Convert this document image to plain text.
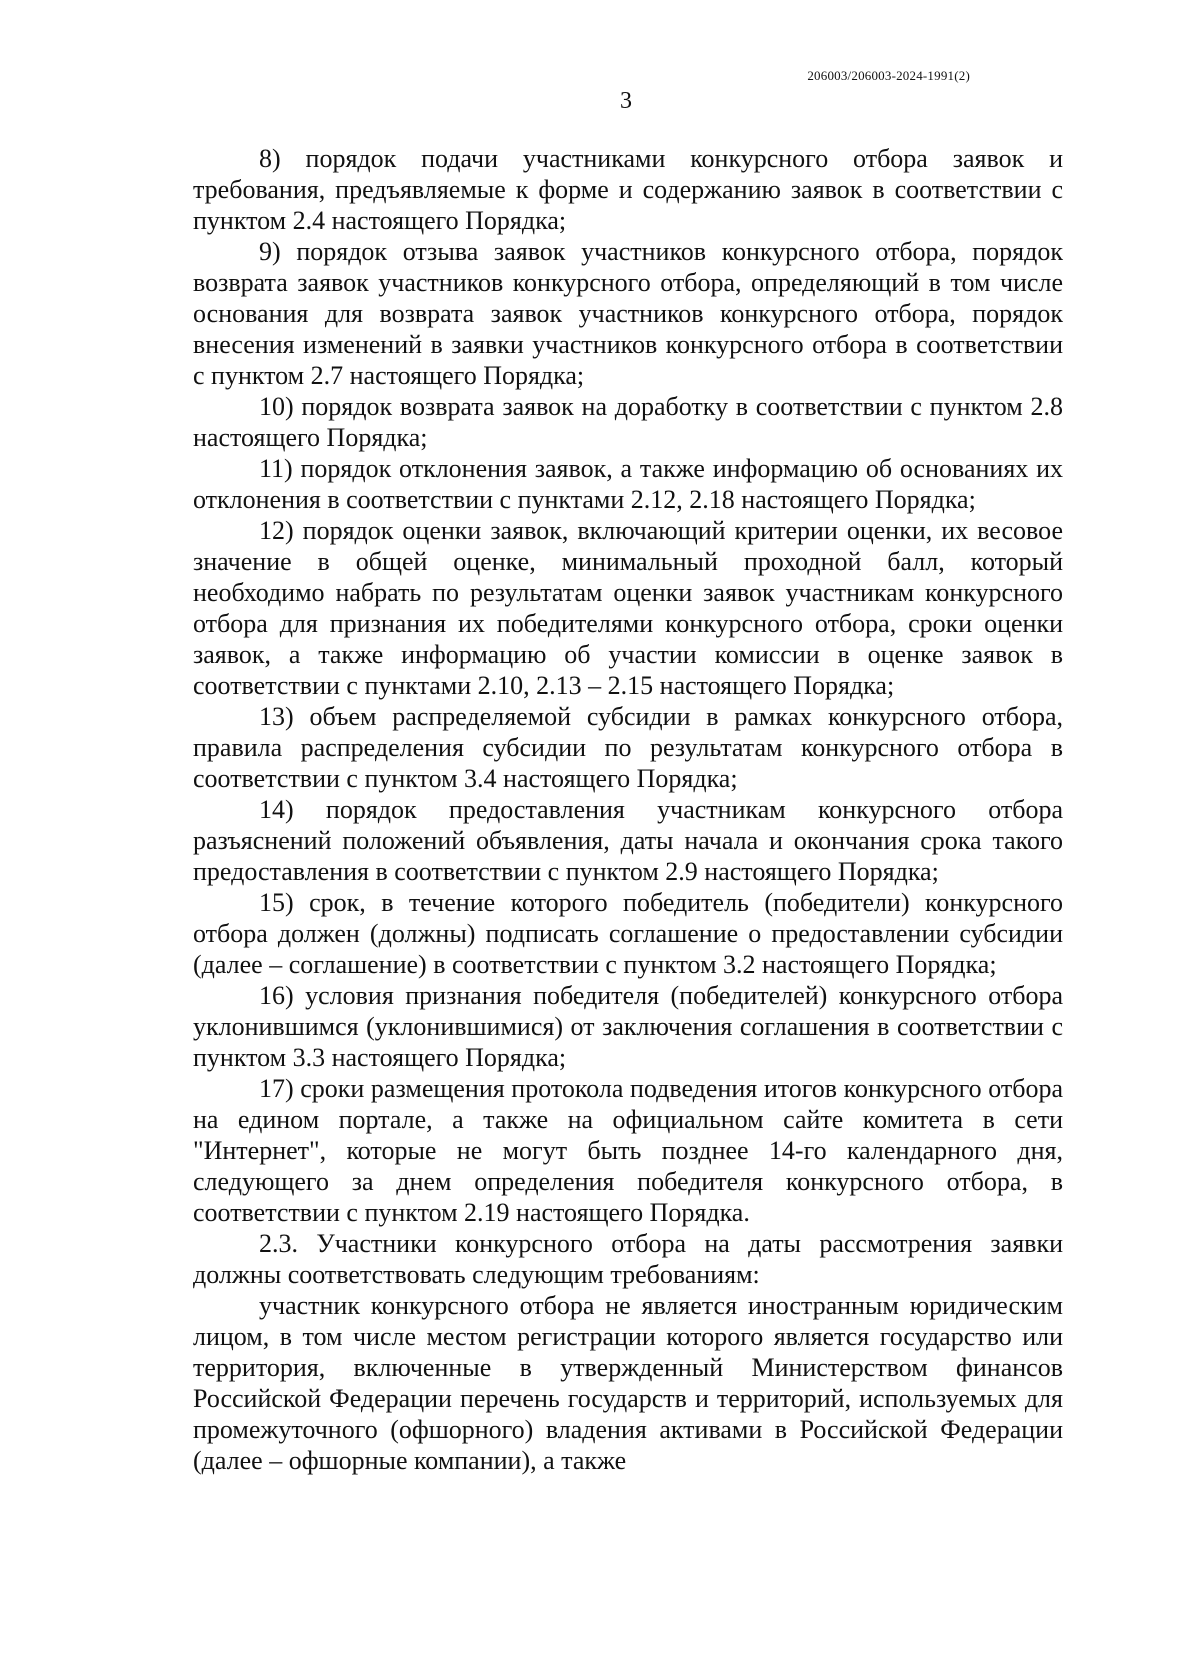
206003/206003-2024-1991(2)
3

8) порядок подачи участниками конкурсного отбора заявок и требования, предъявляемые к форме и содержанию заявок в соответствии с пунктом 2.4 настоящего Порядка;

9) порядок отзыва заявок участников конкурсного отбора, порядок возврата заявок участников конкурсного отбора, определяющий в том числе основания для возврата заявок участников конкурсного отбора, порядок внесения изменений в заявки участников конкурсного отбора в соответствии с пунктом 2.7 настоящего Порядка;

10) порядок возврата заявок на доработку в соответствии с пунктом 2.8 настоящего Порядка;

11) порядок отклонения заявок, а также информацию об основаниях их отклонения в соответствии с пунктами 2.12, 2.18 настоящего Порядка;

12) порядок оценки заявок, включающий критерии оценки, их весовое значение в общей оценке, минимальный проходной балл, который необходимо набрать по результатам оценки заявок участникам конкурсного отбора для признания их победителями конкурсного отбора, сроки оценки заявок, а также информацию об участии комиссии в оценке заявок в соответствии с пунктами 2.10, 2.13 – 2.15 настоящего Порядка;

13) объем распределяемой субсидии в рамках конкурсного отбора, правила распределения субсидии по результатам конкурсного отбора в соответствии с пунктом 3.4 настоящего Порядка;

14) порядок предоставления участникам конкурсного отбора разъяснений положений объявления, даты начала и окончания срока такого предоставления в соответствии с пунктом 2.9 настоящего Порядка;

15) срок, в течение которого победитель (победители) конкурсного отбора должен (должны) подписать соглашение о предоставлении субсидии (далее – соглашение) в соответствии с пунктом 3.2 настоящего Порядка;

16) условия признания победителя (победителей) конкурсного отбора уклонившимся (уклонившимися) от заключения соглашения в соответствии с пунктом 3.3 настоящего Порядка;

17) сроки размещения протокола подведения итогов конкурсного отбора на едином портале, а также на официальном сайте комитета в сети "Интернет", которые не могут быть позднее 14-го календарного дня, следующего за днем определения победителя конкурсного отбора, в соответствии с пунктом 2.19 настоящего Порядка.

2.3. Участники конкурсного отбора на даты рассмотрения заявки должны соответствовать следующим требованиям:

участник конкурсного отбора не является иностранным юридическим лицом, в том числе местом регистрации которого является государство или территория, включенные в утвержденный Министерством финансов Российской Федерации перечень государств и территорий, используемых для промежуточного (офшорного) владения активами в Российской Федерации (далее – офшорные компании), а также
